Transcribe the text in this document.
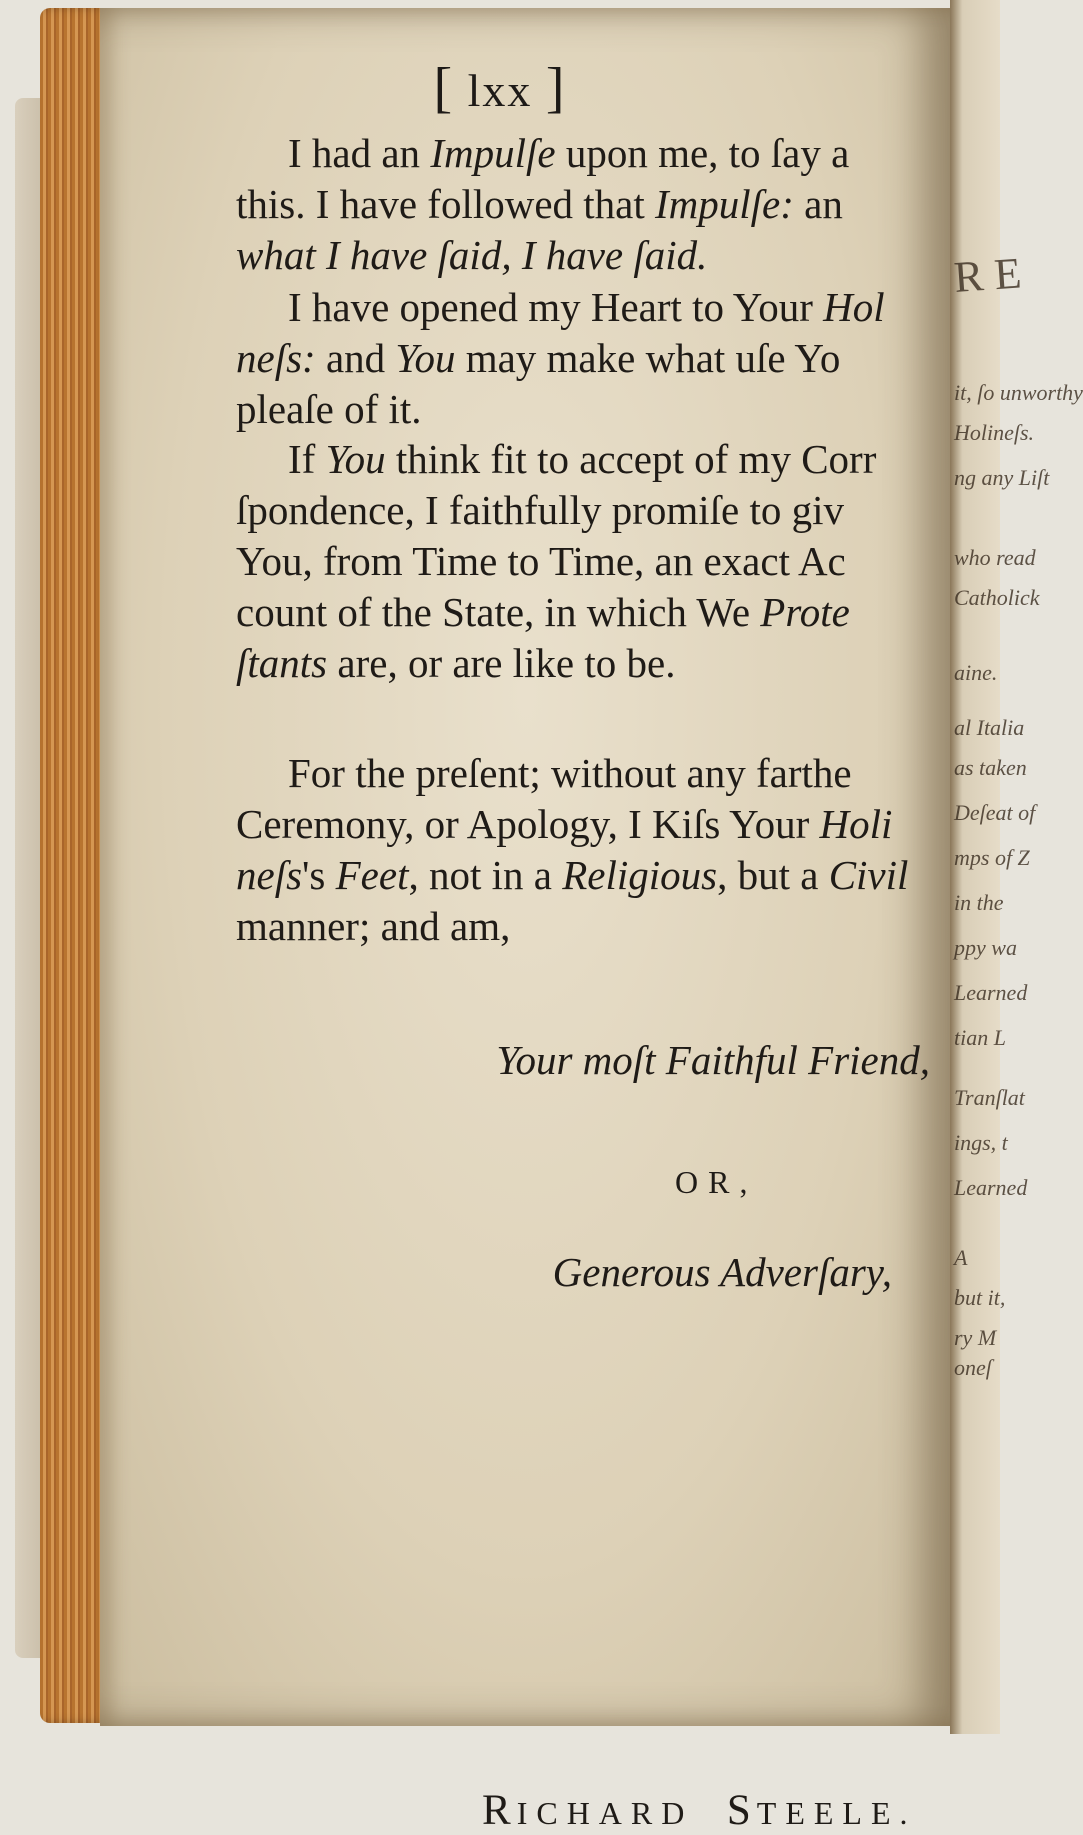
R E
it, ſo unworthy
Holineſs.
ng any Liſt
who read
Catholick
aine.
al Italia
as taken
Deſeat of
mps of Z
in the
ppy wa
Learned
tian L
Tranſlat
ings, t
Learned
A
but it,
ry M
oneſ
[ lxx ]
I had an Impulſe upon me, to ſay a
this. I have followed that Impulſe: an
what I have ſaid, I have ſaid.
I have opened my Heart to Your Hol
neſs: and You may make what uſe Yo
pleaſe of it.
If You think fit to accept of my Corr
ſpondence, I faithfully promiſe to giv
You, from Time to Time, an exact Ac
count of the State, in which We Prote
ſtants are, or are like to be.
For the preſent; without any farthe
Ceremony, or Apology, I Kiſs Your Holi
neſs's Feet, not in a Religious, but a Civil
manner; and am,
Your moſt Faithful Friend,
OR,
Generous Adverſary,
RICHARD STEELE.
